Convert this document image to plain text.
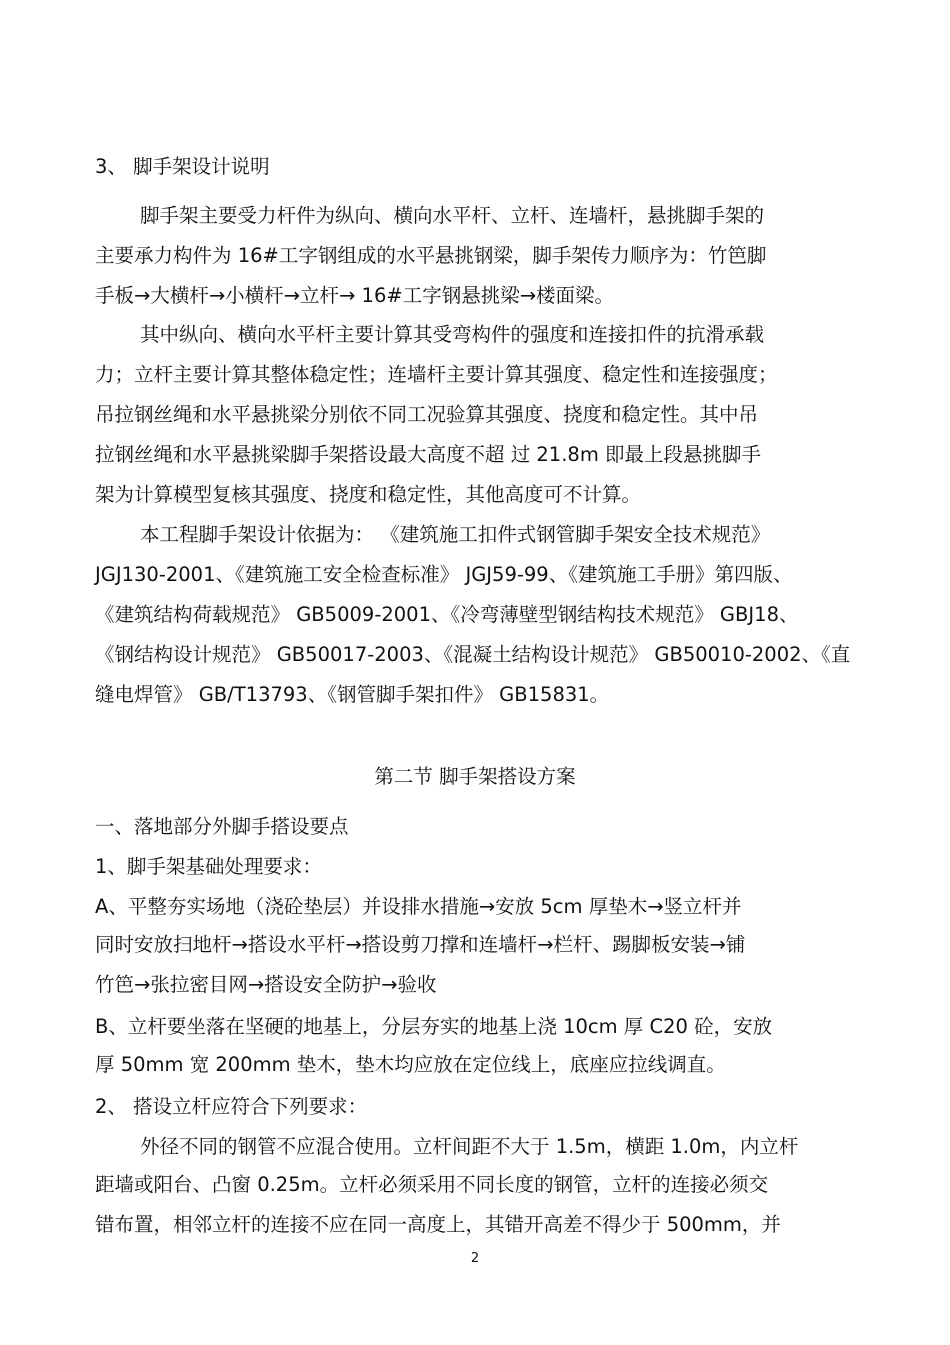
3、 脚手架设计说明
脚手架主要受力杆件为纵向、横向水平杆、立杆、连墙杆，悬挑脚手架的
主要承力构件为 16#工字钢组成的水平悬挑钢梁，脚手架传力顺序为：竹笆脚
手板→大横杆→小横杆→立杆→ 16#工字钢悬挑梁→楼面梁。
其中纵向、横向水平杆主要计算其受弯构件的强度和连接扣件的抗滑承载
力；立杆主要计算其整体稳定性；连墙杆主要计算其强度、稳定性和连接强度；
吊拉钢丝绳和水平悬挑梁分别依不同工况验算其强度、挠度和稳定性。其中吊
拉钢丝绳和水平悬挑梁脚手架搭设最大高度不超 过 21.8m 即最上段悬挑脚手
架为计算模型复核其强度、挠度和稳定性，其他高度可不计算。
本工程脚手架设计依据为： 《建筑施工扣件式钢管脚手架安全技术规范》
JGJ130-2001、《建筑施工安全检查标准》 JGJ59-99、《建筑施工手册》第四版、
《建筑结构荷载规范》 GB5009-2001、《冷弯薄壁型钢结构技术规范》 GBJ18、
《钢结构设计规范》 GB50017-2003、《混凝土结构设计规范》 GB50010-2002、《直
缝电焊管》 GB/T13793、《钢管脚手架扣件》 GB15831。
第二节 脚手架搭设方案
一、落地部分外脚手搭设要点
1、脚手架基础处理要求：
A、平整夯实场地（浇砼垫层）并设排水措施→安放 5cm 厚垫木→竖立杆并
同时安放扫地杆→搭设水平杆→搭设剪刀撑和连墙杆→栏杆、踢脚板安装→铺
竹笆→张拉密目网→搭设安全防护→验收
B、立杆要坐落在坚硬的地基上，分层夯实的地基上浇 10cm 厚 C20 砼，安放
厚 50mm 宽 200mm 垫木，垫木均应放在定位线上，底座应拉线调直。
2、 搭设立杆应符合下列要求：
外径不同的钢管不应混合使用。立杆间距不大于 1.5m，横距 1.0m，内立杆
距墙或阳台、凸窗 0.25m。立杆必须采用不同长度的钢管，立杆的连接必须交
错布置，相邻立杆的连接不应在同一高度上，其错开高差不得少于 500mm，并
2
